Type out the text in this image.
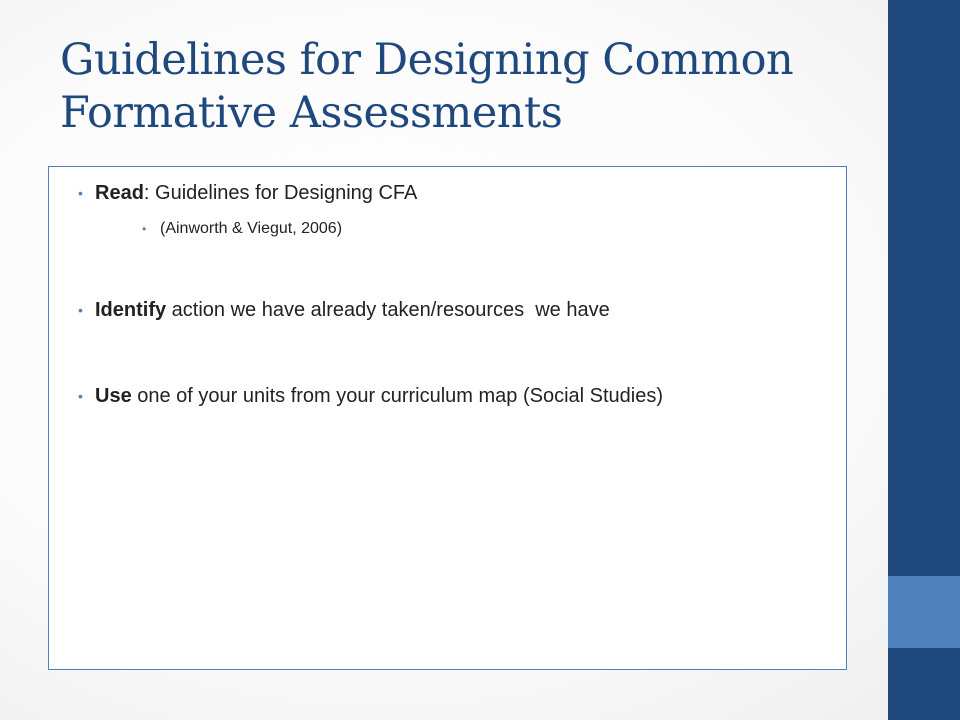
Guidelines for Designing Common Formative Assessments
• Read: Guidelines for Designing CFA
• (Ainworth & Viegut, 2006)
• Identify action we have already taken/resources  we have
• Use one of your units from your curriculum map (Social Studies)
